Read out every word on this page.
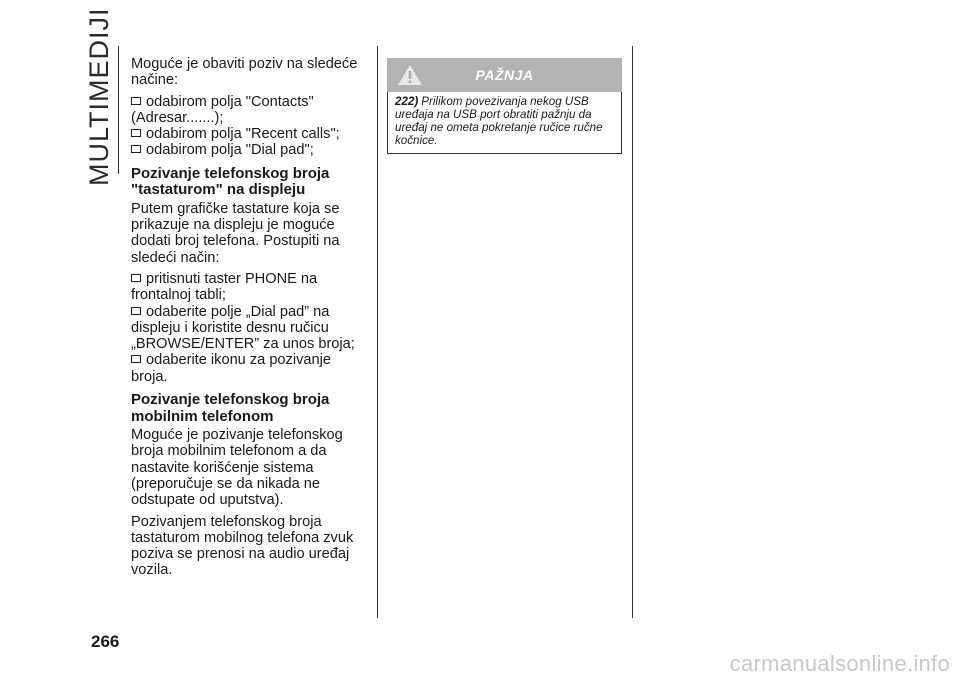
MULTIMEDIJI Moguće je obaviti poziv na sledeće načine:

odabirom polja "Contacts" (Adresar.......);
odabirom polja "Recent calls";
odabirom polja "Dial pad";
Pozivanje telefonskog broja "tastaturom" na displeju

Putem grafičke tastature koja se prikazuje na displeju je moguće dodati broj telefona. Postupiti na sledeći način:

pritisnuti taster PHONE na frontalnoj tabli;
odaberite polje „Dial pad” na displeju i koristite desnu ručicu „BROWSE/ENTER” za unos broja;
odaberite ikonu za pozivanje broja.
Pozivanje telefonskog broja mobilnim telefonom

Moguće je pozivanje telefonskog broja mobilnim telefonom a da nastavite korišćenje sistema (preporučuje se da nikada ne odstupate od uputstva).

Pozivanjem telefonskog broja tastaturom mobilnog telefona zvuk poziva se prenosi na audio uređaj vozila.

PAŽNJA
222) Prilikom povezivanja nekog USB uređaja na USB port obratiti pažnju da uređaj ne ometa pokretanje ručice ručne kočnice.
266
carmanualsonline.info
